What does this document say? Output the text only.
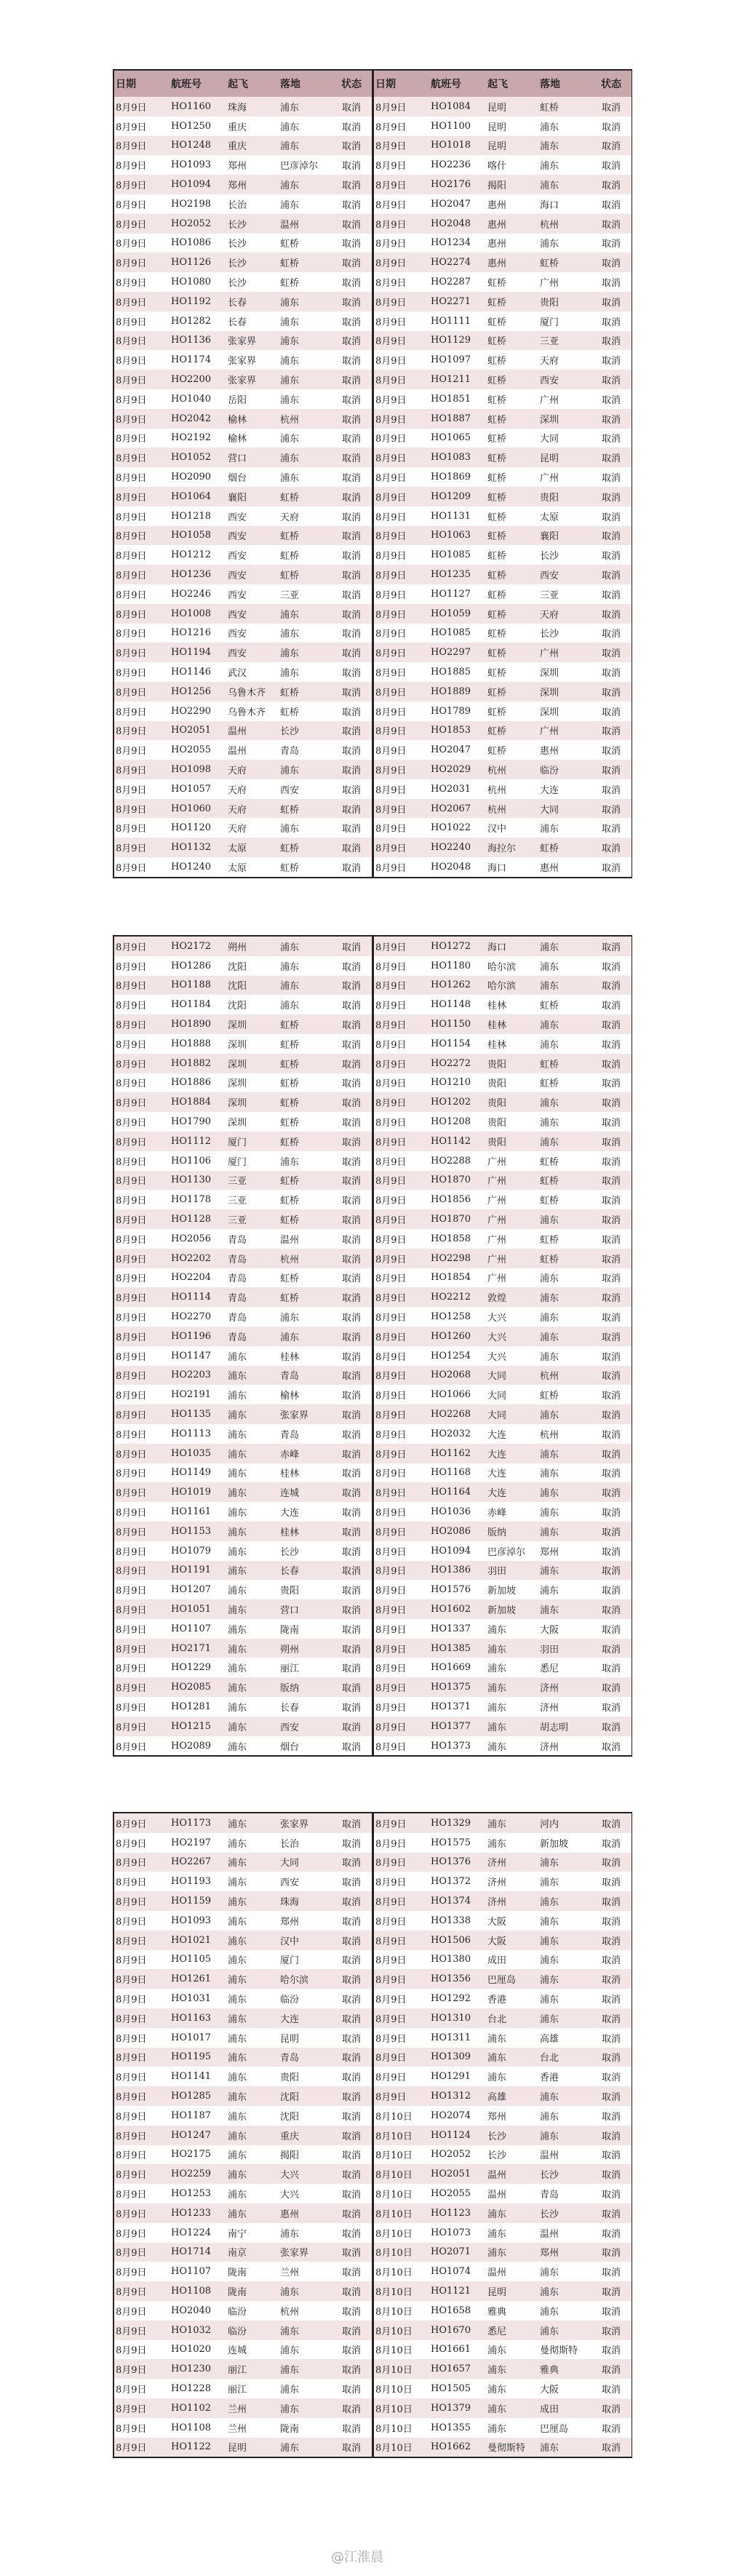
日期	航班号	起飞	落地	状态
8月9日	HO1160	珠海	浦东	取消
8月9日	HO1250	重庆	浦东	取消
8月9日	HO1248	重庆	浦东	取消
8月9日	HO1093	郑州	巴彦淖尔	取消
8月9日	HO1094	郑州	浦东	取消
8月9日	HO2198	长治	浦东	取消
8月9日	HO2052	长沙	温州	取消
8月9日	HO1086	长沙	虹桥	取消
8月9日	HO1126	长沙	虹桥	取消
8月9日	HO1080	长沙	虹桥	取消
8月9日	HO1192	长春	浦东	取消
8月9日	HO1282	长春	浦东	取消
8月9日	HO1136	张家界	浦东	取消
8月9日	HO1174	张家界	浦东	取消
8月9日	HO2200	张家界	浦东	取消
8月9日	HO1040	岳阳	浦东	取消
8月9日	HO2042	榆林	杭州	取消
8月9日	HO2192	榆林	浦东	取消
8月9日	HO1052	营口	浦东	取消
8月9日	HO2090	烟台	浦东	取消
8月9日	HO1064	襄阳	虹桥	取消
8月9日	HO1218	西安	天府	取消
8月9日	HO1058	西安	虹桥	取消
8月9日	HO1212	西安	虹桥	取消
8月9日	HO1236	西安	虹桥	取消
8月9日	HO2246	西安	三亚	取消
8月9日	HO1008	西安	浦东	取消
8月9日	HO1216	西安	浦东	取消
8月9日	HO1194	西安	浦东	取消
8月9日	HO1146	武汉	浦东	取消
8月9日	HO1256	乌鲁木齐	虹桥	取消
8月9日	HO2290	乌鲁木齐	虹桥	取消
8月9日	HO2051	温州	长沙	取消
8月9日	HO2055	温州	青岛	取消
8月9日	HO1098	天府	浦东	取消
8月9日	HO1057	天府	西安	取消
8月9日	HO1060	天府	虹桥	取消
8月9日	HO1120	天府	浦东	取消
8月9日	HO1132	太原	虹桥	取消
8月9日	HO1240	太原	虹桥	取消
日期	航班号	起飞	落地	状态
8月9日	HO1084	昆明	虹桥	取消
8月9日	HO1100	昆明	浦东	取消
8月9日	HO1018	昆明	浦东	取消
8月9日	HO2236	喀什	浦东	取消
8月9日	HO2176	揭阳	浦东	取消
8月9日	HO2047	惠州	海口	取消
8月9日	HO2048	惠州	杭州	取消
8月9日	HO1234	惠州	浦东	取消
8月9日	HO2274	惠州	虹桥	取消
8月9日	HO2287	虹桥	广州	取消
8月9日	HO2271	虹桥	贵阳	取消
8月9日	HO1111	虹桥	厦门	取消
8月9日	HO1129	虹桥	三亚	取消
8月9日	HO1097	虹桥	天府	取消
8月9日	HO1211	虹桥	西安	取消
8月9日	HO1851	虹桥	广州	取消
8月9日	HO1887	虹桥	深圳	取消
8月9日	HO1065	虹桥	大同	取消
8月9日	HO1083	虹桥	昆明	取消
8月9日	HO1869	虹桥	广州	取消
8月9日	HO1209	虹桥	贵阳	取消
8月9日	HO1131	虹桥	太原	取消
8月9日	HO1063	虹桥	襄阳	取消
8月9日	HO1085	虹桥	长沙	取消
8月9日	HO1235	虹桥	西安	取消
8月9日	HO1127	虹桥	三亚	取消
8月9日	HO1059	虹桥	天府	取消
8月9日	HO1085	虹桥	长沙	取消
8月9日	HO2297	虹桥	广州	取消
8月9日	HO1885	虹桥	深圳	取消
8月9日	HO1889	虹桥	深圳	取消
8月9日	HO1789	虹桥	深圳	取消
8月9日	HO1853	虹桥	广州	取消
8月9日	HO2047	虹桥	惠州	取消
8月9日	HO2029	杭州	临汾	取消
8月9日	HO2031	杭州	大连	取消
8月9日	HO2067	杭州	大同	取消
8月9日	HO1022	汉中	浦东	取消
8月9日	HO2240	海拉尔	虹桥	取消
8月9日	HO2048	海口	惠州	取消
8月9日	HO2172	朔州	浦东	取消
8月9日	HO1286	沈阳	浦东	取消
8月9日	HO1188	沈阳	浦东	取消
8月9日	HO1184	沈阳	浦东	取消
8月9日	HO1890	深圳	虹桥	取消
8月9日	HO1888	深圳	虹桥	取消
8月9日	HO1882	深圳	虹桥	取消
8月9日	HO1886	深圳	虹桥	取消
8月9日	HO1884	深圳	虹桥	取消
8月9日	HO1790	深圳	虹桥	取消
8月9日	HO1112	厦门	虹桥	取消
8月9日	HO1106	厦门	浦东	取消
8月9日	HO1130	三亚	虹桥	取消
8月9日	HO1178	三亚	虹桥	取消
8月9日	HO1128	三亚	虹桥	取消
8月9日	HO2056	青岛	温州	取消
8月9日	HO2202	青岛	杭州	取消
8月9日	HO2204	青岛	虹桥	取消
8月9日	HO1114	青岛	虹桥	取消
8月9日	HO2270	青岛	浦东	取消
8月9日	HO1196	青岛	浦东	取消
8月9日	HO1147	浦东	桂林	取消
8月9日	HO2203	浦东	青岛	取消
8月9日	HO2191	浦东	榆林	取消
8月9日	HO1135	浦东	张家界	取消
8月9日	HO1113	浦东	青岛	取消
8月9日	HO1035	浦东	赤峰	取消
8月9日	HO1149	浦东	桂林	取消
8月9日	HO1019	浦东	连城	取消
8月9日	HO1161	浦东	大连	取消
8月9日	HO1153	浦东	桂林	取消
8月9日	HO1079	浦东	长沙	取消
8月9日	HO1191	浦东	长春	取消
8月9日	HO1207	浦东	贵阳	取消
8月9日	HO1051	浦东	营口	取消
8月9日	HO1107	浦东	陇南	取消
8月9日	HO2171	浦东	朔州	取消
8月9日	HO1229	浦东	丽江	取消
8月9日	HO2085	浦东	版纳	取消
8月9日	HO1281	浦东	长春	取消
8月9日	HO1215	浦东	西安	取消
8月9日	HO2089	浦东	烟台	取消
8月9日	HO1272	海口	浦东	取消
8月9日	HO1180	哈尔滨	浦东	取消
8月9日	HO1262	哈尔滨	浦东	取消
8月9日	HO1148	桂林	虹桥	取消
8月9日	HO1150	桂林	浦东	取消
8月9日	HO1154	桂林	浦东	取消
8月9日	HO2272	贵阳	虹桥	取消
8月9日	HO1210	贵阳	虹桥	取消
8月9日	HO1202	贵阳	浦东	取消
8月9日	HO1208	贵阳	浦东	取消
8月9日	HO1142	贵阳	浦东	取消
8月9日	HO2288	广州	虹桥	取消
8月9日	HO1870	广州	虹桥	取消
8月9日	HO1856	广州	虹桥	取消
8月9日	HO1870	广州	浦东	取消
8月9日	HO1858	广州	虹桥	取消
8月9日	HO2298	广州	虹桥	取消
8月9日	HO1854	广州	浦东	取消
8月9日	HO2212	敦煌	浦东	取消
8月9日	HO1258	大兴	浦东	取消
8月9日	HO1260	大兴	浦东	取消
8月9日	HO1254	大兴	浦东	取消
8月9日	HO2068	大同	杭州	取消
8月9日	HO1066	大同	虹桥	取消
8月9日	HO2268	大同	浦东	取消
8月9日	HO2032	大连	杭州	取消
8月9日	HO1162	大连	浦东	取消
8月9日	HO1168	大连	浦东	取消
8月9日	HO1164	大连	浦东	取消
8月9日	HO1036	赤峰	浦东	取消
8月9日	HO2086	版纳	浦东	取消
8月9日	HO1094	巴彦淖尔	郑州	取消
8月9日	HO1386	羽田	浦东	取消
8月9日	HO1576	新加坡	浦东	取消
8月9日	HO1602	新加坡	浦东	取消
8月9日	HO1337	浦东	大阪	取消
8月9日	HO1385	浦东	羽田	取消
8月9日	HO1669	浦东	悉尼	取消
8月9日	HO1375	浦东	济州	取消
8月9日	HO1371	浦东	济州	取消
8月9日	HO1377	浦东	胡志明	取消
8月9日	HO1373	浦东	济州	取消
8月9日	HO1173	浦东	张家界	取消
8月9日	HO2197	浦东	长治	取消
8月9日	HO2267	浦东	大同	取消
8月9日	HO1193	浦东	西安	取消
8月9日	HO1159	浦东	珠海	取消
8月9日	HO1093	浦东	郑州	取消
8月9日	HO1021	浦东	汉中	取消
8月9日	HO1105	浦东	厦门	取消
8月9日	HO1261	浦东	哈尔滨	取消
8月9日	HO1031	浦东	临汾	取消
8月9日	HO1163	浦东	大连	取消
8月9日	HO1017	浦东	昆明	取消
8月9日	HO1195	浦东	青岛	取消
8月9日	HO1141	浦东	贵阳	取消
8月9日	HO1285	浦东	沈阳	取消
8月9日	HO1187	浦东	沈阳	取消
8月9日	HO1247	浦东	重庆	取消
8月9日	HO2175	浦东	揭阳	取消
8月9日	HO2259	浦东	大兴	取消
8月9日	HO1253	浦东	大兴	取消
8月9日	HO1233	浦东	惠州	取消
8月9日	HO1224	南宁	浦东	取消
8月9日	HO1714	南京	张家界	取消
8月9日	HO1107	陇南	兰州	取消
8月9日	HO1108	陇南	浦东	取消
8月9日	HO2040	临汾	杭州	取消
8月9日	HO1032	临汾	浦东	取消
8月9日	HO1020	连城	浦东	取消
8月9日	HO1230	丽江	浦东	取消
8月9日	HO1228	丽江	浦东	取消
8月9日	HO1102	兰州	浦东	取消
8月9日	HO1108	兰州	陇南	取消
8月9日	HO1122	昆明	浦东	取消
8月9日	HO1329	浦东	河内	取消
8月9日	HO1575	浦东	新加坡	取消
8月9日	HO1376	济州	浦东	取消
8月9日	HO1372	济州	浦东	取消
8月9日	HO1374	济州	浦东	取消
8月9日	HO1338	大阪	浦东	取消
8月9日	HO1506	大阪	浦东	取消
8月9日	HO1380	成田	浦东	取消
8月9日	HO1356	巴厘岛	浦东	取消
8月9日	HO1292	香港	浦东	取消
8月9日	HO1310	台北	浦东	取消
8月9日	HO1311	浦东	高雄	取消
8月9日	HO1309	浦东	台北	取消
8月9日	HO1291	浦东	香港	取消
8月9日	HO1312	高雄	浦东	取消
8月10日	HO2074	郑州	浦东	取消
8月10日	HO1124	长沙	浦东	取消
8月10日	HO2052	长沙	温州	取消
8月10日	HO2051	温州	长沙	取消
8月10日	HO2055	温州	青岛	取消
8月10日	HO1123	浦东	长沙	取消
8月10日	HO1073	浦东	温州	取消
8月10日	HO2071	浦东	郑州	取消
8月10日	HO1074	温州	浦东	取消
8月10日	HO1121	昆明	浦东	取消
8月10日	HO1658	雅典	浦东	取消
8月10日	HO1670	悉尼	浦东	取消
8月10日	HO1661	浦东	曼彻斯特	取消
8月10日	HO1657	浦东	雅典	取消
8月10日	HO1505	浦东	大阪	取消
8月10日	HO1379	浦东	成田	取消
8月10日	HO1355	浦东	巴厘岛	取消
8月10日	HO1662	曼彻斯特	浦东	取消
@江淮晨
